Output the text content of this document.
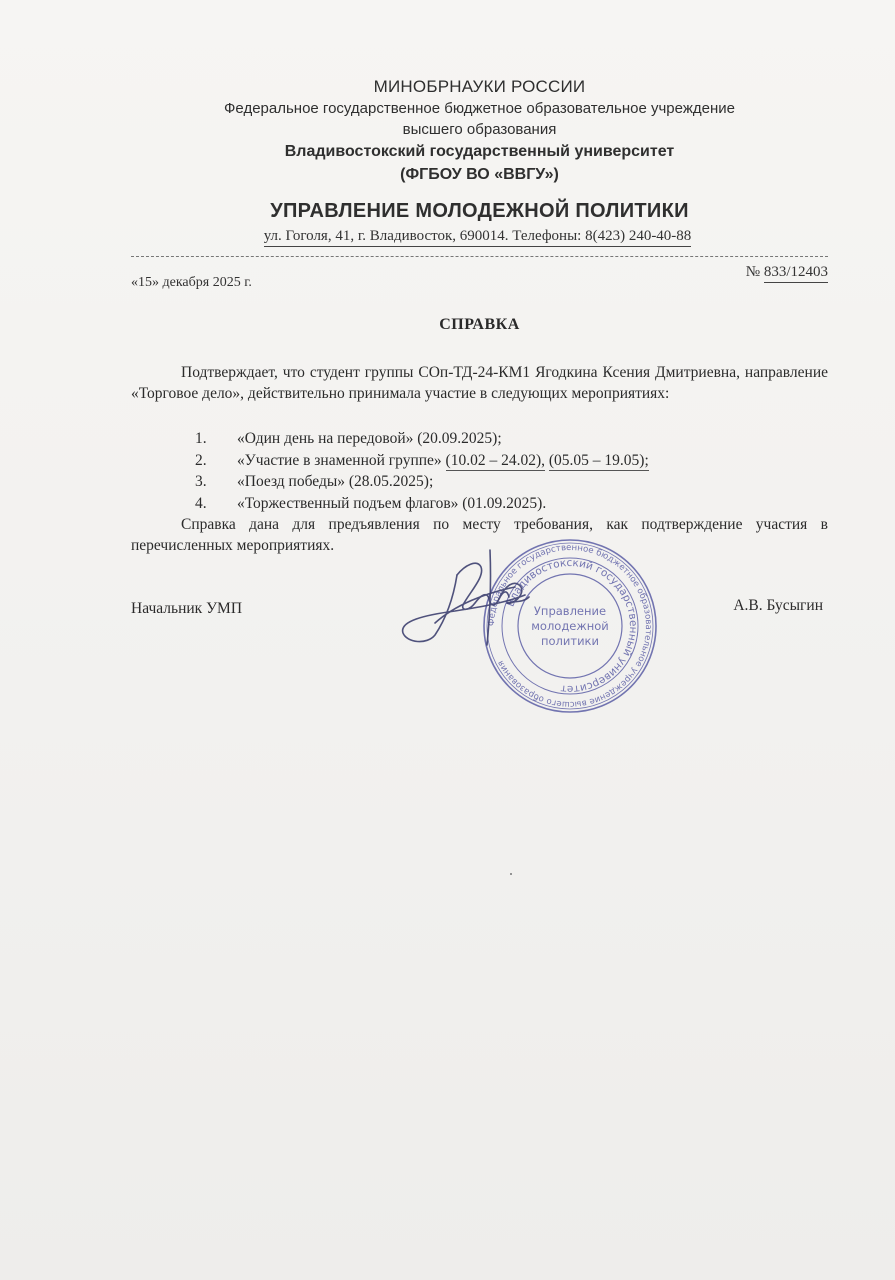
МИНОБРНАУКИ РОССИИ
Федеральное государственное бюджетное образовательное учреждение
высшего образования
Владивостокский государственный университет
(ФГБОУ ВО «ВВГУ»)
УПРАВЛЕНИЕ МОЛОДЕЖНОЙ ПОЛИТИКИ
ул. Гоголя, 41, г. Владивосток, 690014. Телефоны: 8(423) 240-40-88
«15» декабря 2025 г.
№ 833/12403
СПРАВКА
Подтверждает, что студент группы СОп-ТД-24-КМ1 Ягодкина Ксения Дмитриевна, направление «Торговое дело», действительно принимала участие в следующих мероприятиях:
1. «Один день на передовой» (20.09.2025);
2. «Участие в знаменной группе» (10.02 – 24.02), (05.05 – 19.05);
3. «Поезд победы» (28.05.2025);
4. «Торжественный подъем флагов» (01.09.2025).
Справка дана для предъявления по месту требования, как подтверждение участия в перечисленных мероприятиях.
Начальник УМП	А.В. Бусыгин
Федеральное государственное бюджетное образовательное учреждение высшего образования
Владивостокский государственный университет
Управление
молодежной
политики
